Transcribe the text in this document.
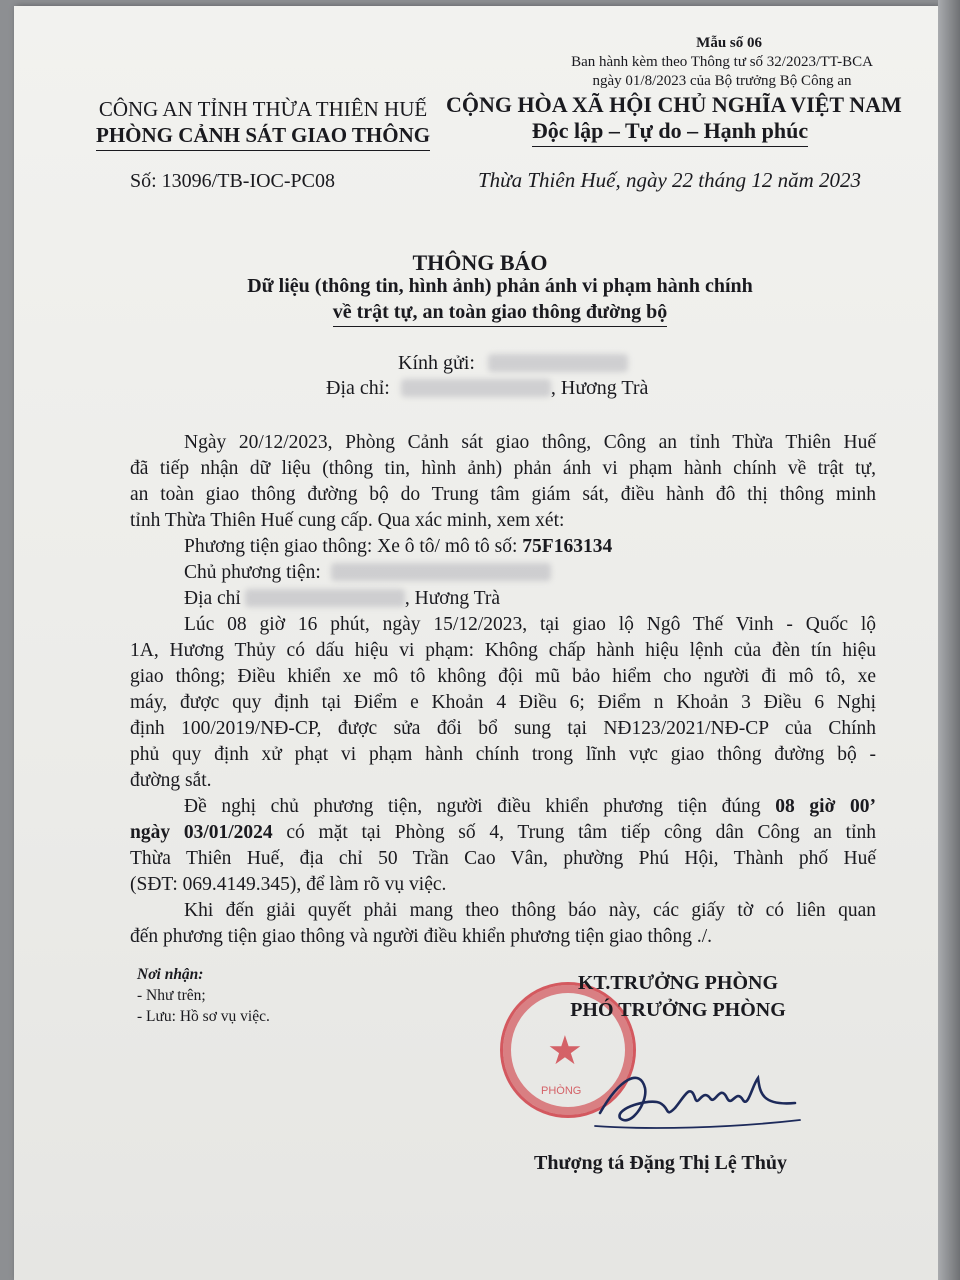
Mẫu số 06
Ban hành kèm theo Thông tư số 32/2023/TT-BCA
ngày 01/8/2023 của Bộ trưởng Bộ Công an
CÔNG AN TỈNH THỪA THIÊN HUẾ
PHÒNG CẢNH SÁT GIAO THÔNG
Số: 13096/TB-IOC-PC08
CỘNG HÒA XÃ HỘI CHỦ NGHĨA VIỆT NAM
Độc lập – Tự do – Hạnh phúc
Thừa Thiên Huế, ngày 22 tháng 12 năm 2023
THÔNG BÁO
Dữ liệu (thông tin, hình ảnh) phản ánh vi phạm hành chính
về trật tự, an toàn giao thông đường bộ
Kính gửi:
Địa chỉ:	, Hương Trà
Ngày 20/12/2023, Phòng Cảnh sát giao thông, Công an tỉnh Thừa Thiên Huế
đã tiếp nhận dữ liệu (thông tin, hình ảnh) phản ánh vi phạm hành chính về trật tự,
an toàn giao thông đường bộ do Trung tâm giám sát, điều hành đô thị thông minh
tỉnh Thừa Thiên Huế cung cấp. Qua xác minh, xem xét:
Phương tiện giao thông: Xe ô tô/ mô tô số: 75F163134
Chủ phương tiện:
Địa chỉ	, Hương Trà
Lúc 08 giờ 16 phút, ngày 15/12/2023, tại giao lộ Ngô Thế Vinh - Quốc lộ
1A, Hương Thủy có dấu hiệu vi phạm: Không chấp hành hiệu lệnh của đèn tín hiệu
giao thông; Điều khiển xe mô tô không đội mũ bảo hiểm cho người đi mô tô, xe
máy, được quy định tại Điểm e Khoản 4 Điều 6; Điểm n Khoản 3 Điều 6 Nghị
định 100/2019/NĐ-CP, được sửa đổi bổ sung tại NĐ123/2021/NĐ-CP của Chính
phủ quy định xử phạt vi phạm hành chính trong lĩnh vực giao thông đường bộ -
đường sắt.
Đề nghị chủ phương tiện, người điều khiển phương tiện đúng 08 giờ 00’
ngày 03/01/2024 có mặt tại Phòng số 4, Trung tâm tiếp công dân Công an tỉnh
Thừa Thiên Huế, địa chỉ 50 Trần Cao Vân, phường Phú Hội, Thành phố Huế
(SĐT: 069.4149.345), để làm rõ vụ việc.
Khi đến giải quyết phải mang theo thông báo này, các giấy tờ có liên quan
đến phương tiện giao thông và người điều khiển phương tiện giao thông ./.
Nơi nhận:
- Như trên;
- Lưu: Hồ sơ vụ việc.
★
PHÒNG
KT.TRƯỞNG PHÒNG
PHÓ TRƯỞNG PHÒNG
Thượng tá Đặng Thị Lệ Thủy
